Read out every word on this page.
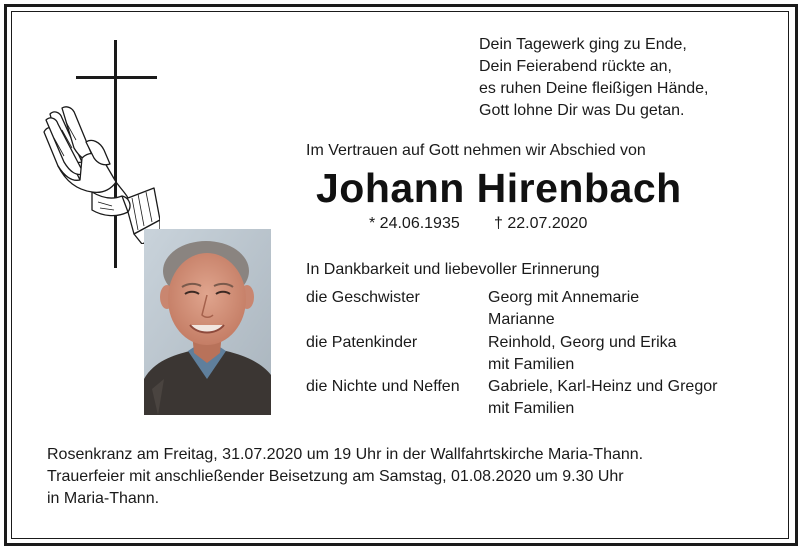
Dein Tagewerk ging zu Ende,
Dein Feierabend rückte an,
es ruhen Deine fleißigen Hände,
Gott lohne Dir was Du getan.
Im Vertrauen auf Gott nehmen wir Abschied von
Johann Hirenbach
* 24.06.1935 † 22.07.2020
In Dankbarkeit und liebevoller Erinnerung
die Geschwister	Georg mit Annemarie
Marianne
die Patenkinder	Reinhold, Georg und Erika
mit Familien
die Nichte und Neffen Gabriele, Karl-Heinz und Gregor
mit Familien
Rosenkranz am Freitag, 31.07.2020 um 19 Uhr in der Wallfahrtskirche Maria-Thann.
Trauerfeier mit anschließender Beisetzung am Samstag, 01.08.2020 um 9.30 Uhr
in Maria-Thann.
